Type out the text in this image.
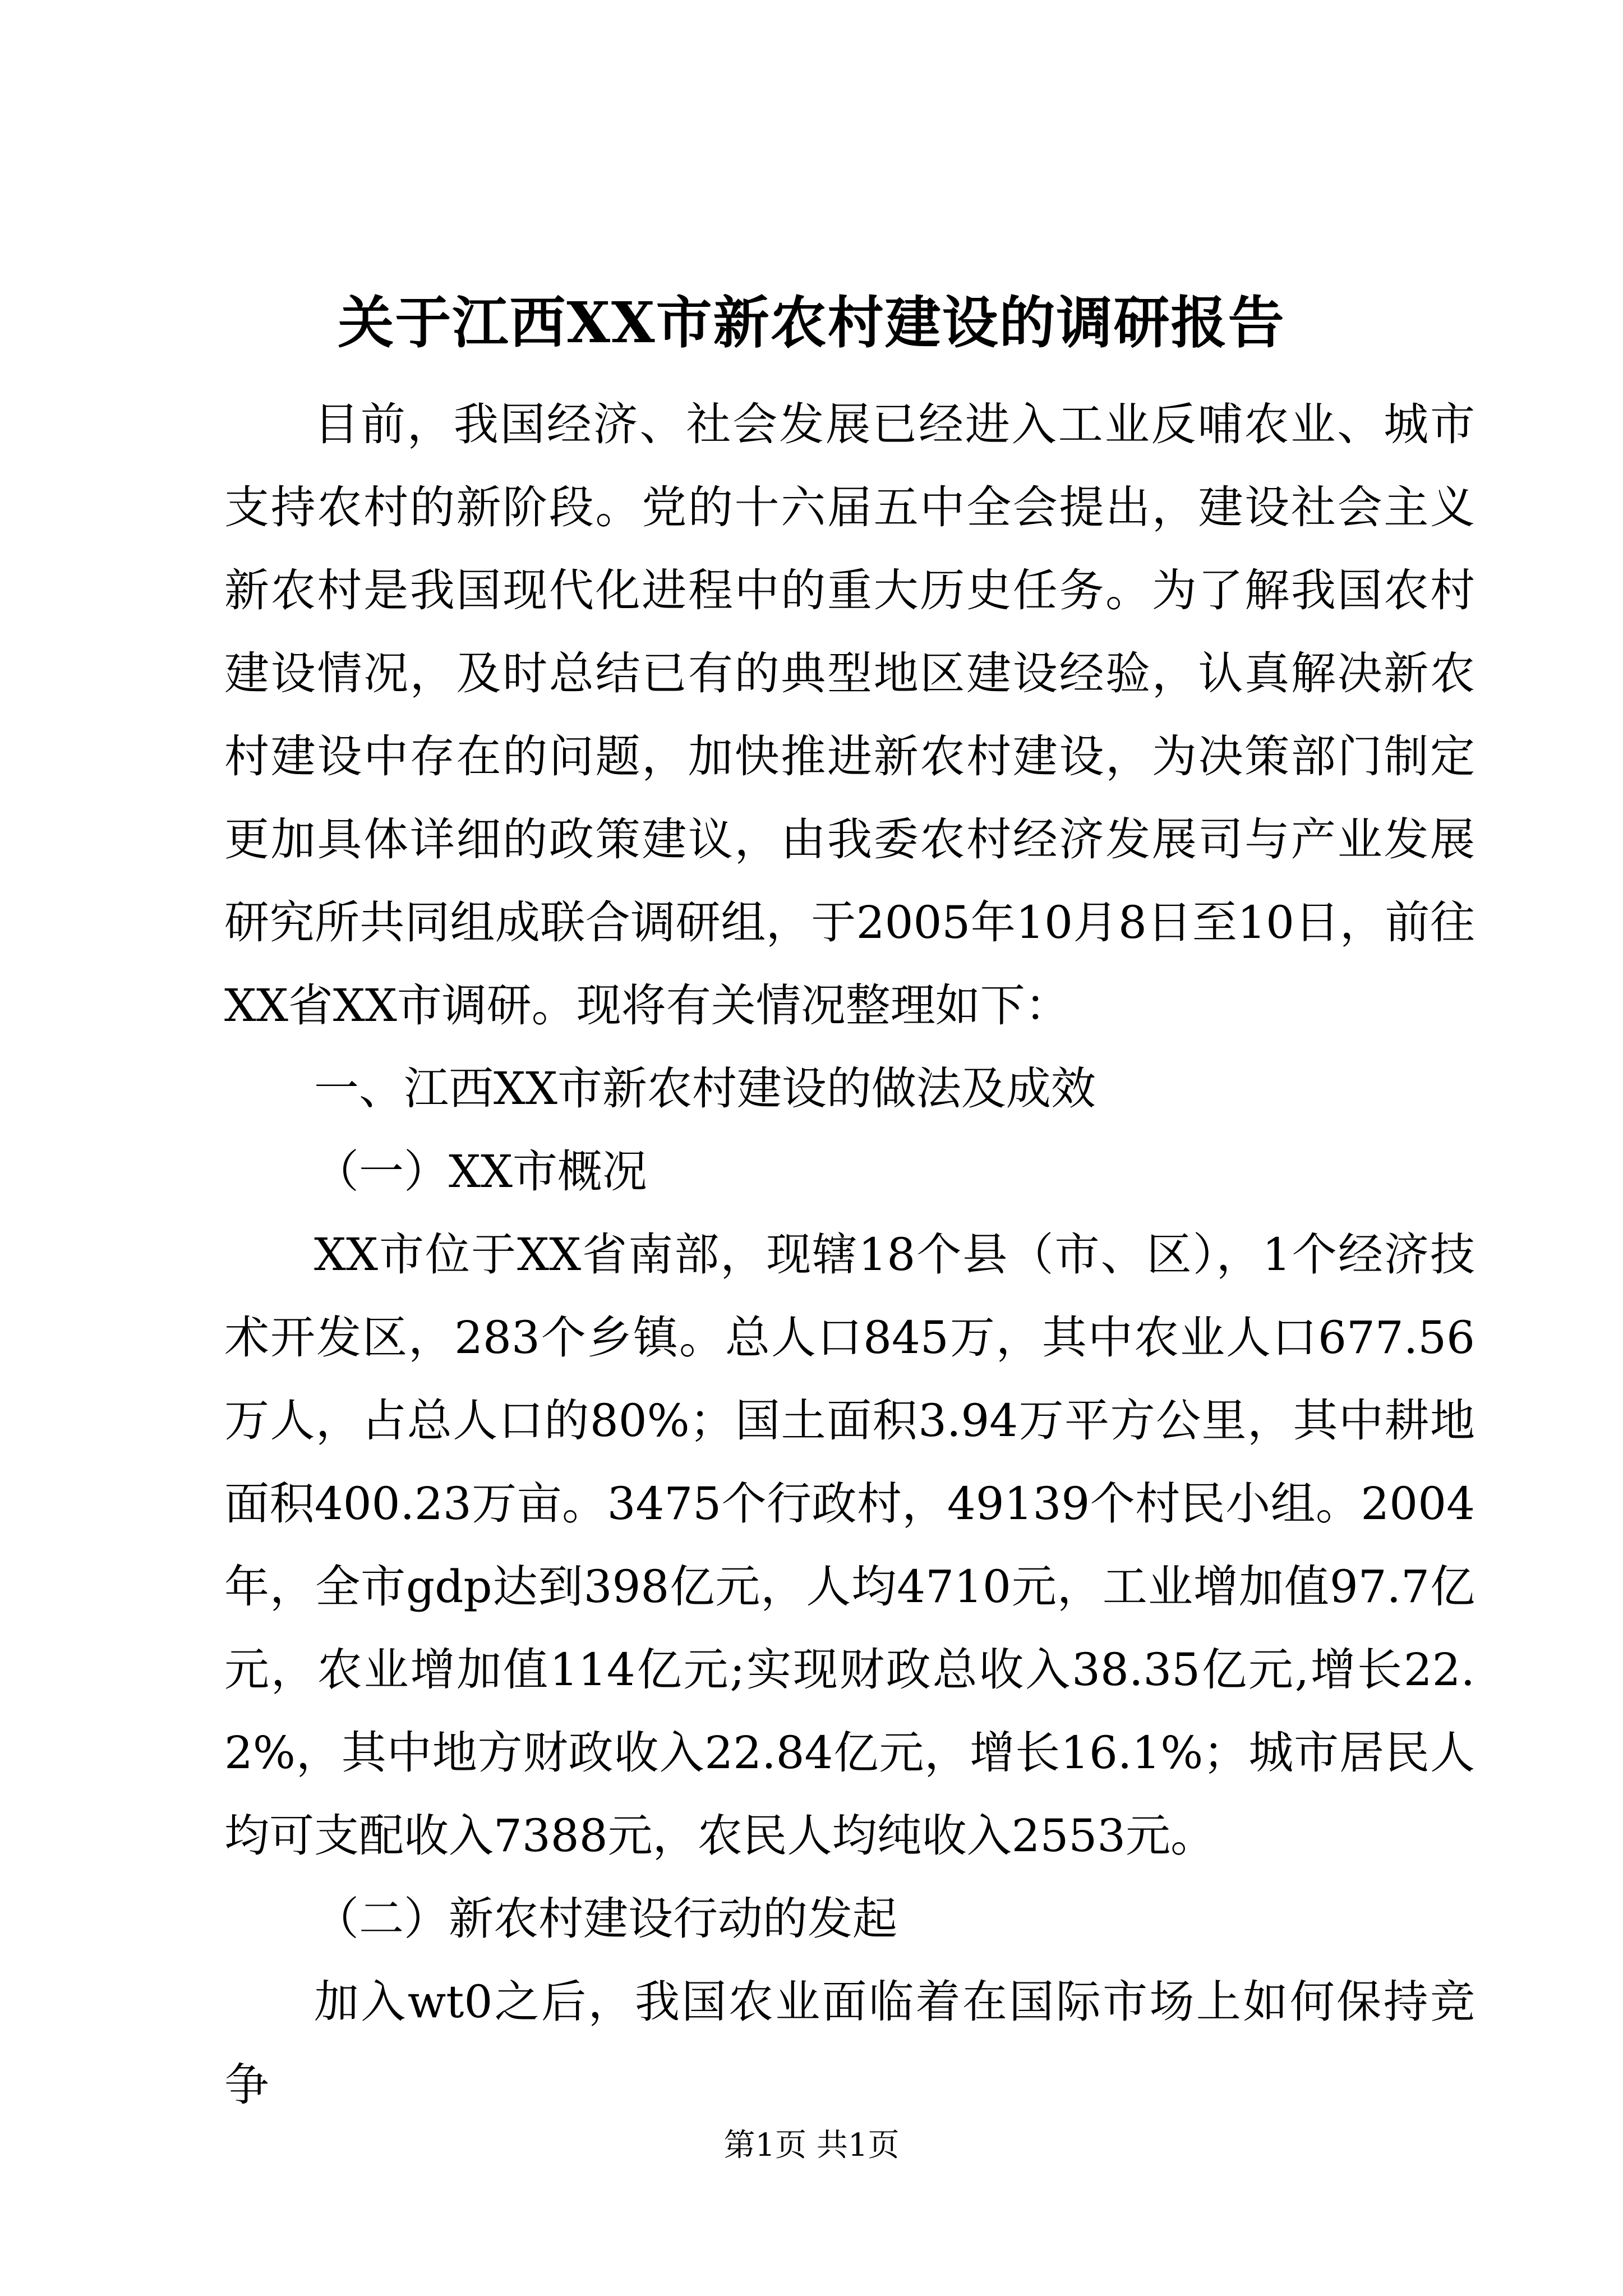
关于江西XX市新农村建设的调研报告

目前，我国经济、社会发展已经进入工业反哺农业、城市支持农村的新阶段。党的十六届五中全会提出，建设社会主义新农村是我国现代化进程中的重大历史任务。为了解我国农村建设情况，及时总结已有的典型地区建设经验，认真解决新农村建设中存在的问题，加快推进新农村建设，为决策部门制定更加具体详细的政策建议，由我委农村经济发展司与产业发展研究所共同组成联合调研组，于2005年10月8日至10日，前往XX省XX市调研。现将有关情况整理如下：

一、江西XX市新农村建设的做法及成效

（一）XX市概况

XX市位于XX省南部，现辖18个县（市、区），1个经济技术开发区，283个乡镇。总人口845万，其中农业人口677.56万人，占总人口的80%；国土面积3.94万平方公里，其中耕地面积400.23万亩。3475个行政村，49139个村民小组。2004年，全市gdp达到398亿元，人均4710元，工业增加值97.7亿元，农业增加值114亿元;实现财政总收入38.35亿元,增长22.2%，其中地方财政收入22.84亿元，增长16.1%；城市居民人均可支配收入7388元，农民人均纯收入2553元。

（二）新农村建设行动的发起

加入wt0之后，我国农业面临着在国际市场上如何保持竞争

第1页 共1页
